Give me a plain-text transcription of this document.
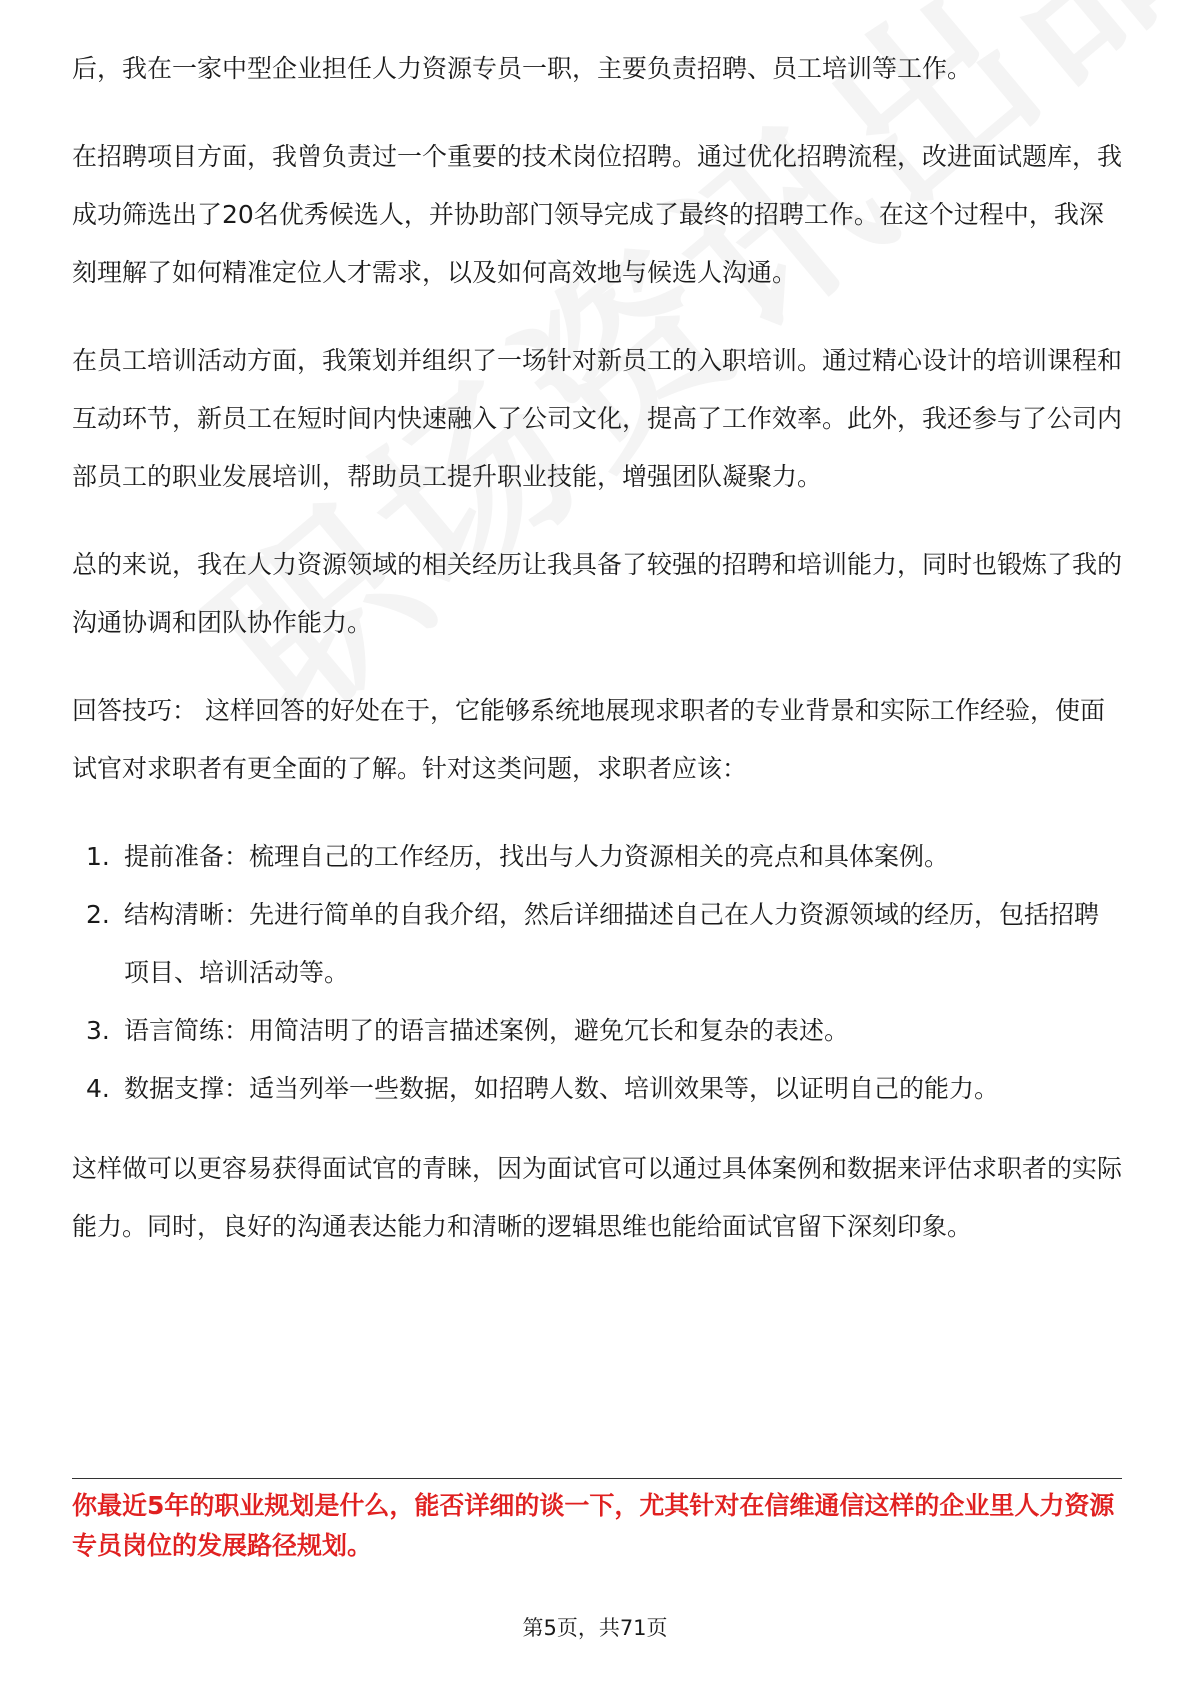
后，我在一家中型企业担任人力资源专员一职，主要负责招聘、员工培训等工作。

在招聘项目方面，我曾负责过一个重要的技术岗位招聘。通过优化招聘流程，改进面试题库，我成功筛选出了20名优秀候选人，并协助部门领导完成了最终的招聘工作。在这个过程中，我深刻理解了如何精准定位人才需求，以及如何高效地与候选人沟通。

在员工培训活动方面，我策划并组织了一场针对新员工的入职培训。通过精心设计的培训课程和互动环节，新员工在短时间内快速融入了公司文化，提高了工作效率。此外，我还参与了公司内部员工的职业发展培训，帮助员工提升职业技能，增强团队凝聚力。

总的来说，我在人力资源领域的相关经历让我具备了较强的招聘和培训能力，同时也锻炼了我的沟通协调和团队协作能力。

回答技巧： 这样回答的好处在于，它能够系统地展现求职者的专业背景和实际工作经验，使面试官对求职者有更全面的了解。针对这类问题，求职者应该：

1. 提前准备：梳理自己的工作经历，找出与人力资源相关的亮点和具体案例。
2. 结构清晰：先进行简单的自我介绍，然后详细描述自己在人力资源领域的经历，包括招聘项目、培训活动等。
3. 语言简练：用简洁明了的语言描述案例，避免冗长和复杂的表述。
4. 数据支撑：适当列举一些数据，如招聘人数、培训效果等，以证明自己的能力。

这样做可以更容易获得面试官的青睐，因为面试官可以通过具体案例和数据来评估求职者的实际能力。同时，良好的沟通表达能力和清晰的逻辑思维也能给面试官留下深刻印象。

你最近5年的职业规划是什么，能否详细的谈一下，尤其针对在信维通信这样的企业里人力资源专员岗位的发展路径规划。
第5页，共71页
